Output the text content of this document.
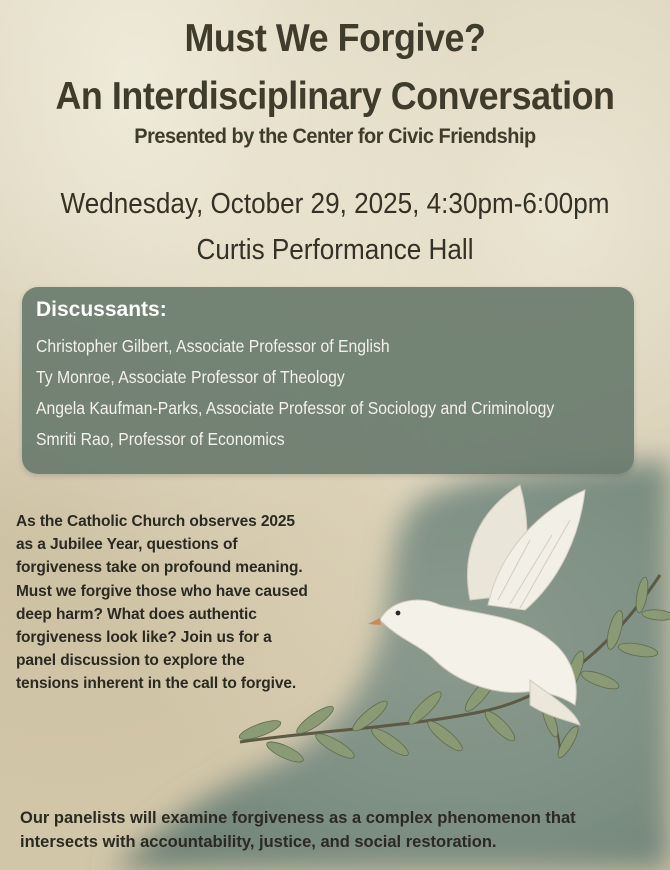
Must We Forgive?
An Interdisciplinary Conversation
Presented by the Center for Civic Friendship

Wednesday, October 29, 2025, 4:30pm-6:00pm

Curtis Performance Hall

Discussants:
Christopher Gilbert, Associate Professor of English
Ty Monroe, Associate Professor of Theology
Angela Kaufman-Parks, Associate Professor of Sociology and Criminology
Smriti Rao, Professor of Economics

As the Catholic Church observes 2025
as a Jubilee Year, questions of
forgiveness take on profound meaning.
Must we forgive those who have caused
deep harm? What does authentic
forgiveness look like? Join us for a
panel discussion to explore the
tensions inherent in the call to forgive.

Our panelists will examine forgiveness as a complex phenomenon that
intersects with accountability, justice, and social restoration.
